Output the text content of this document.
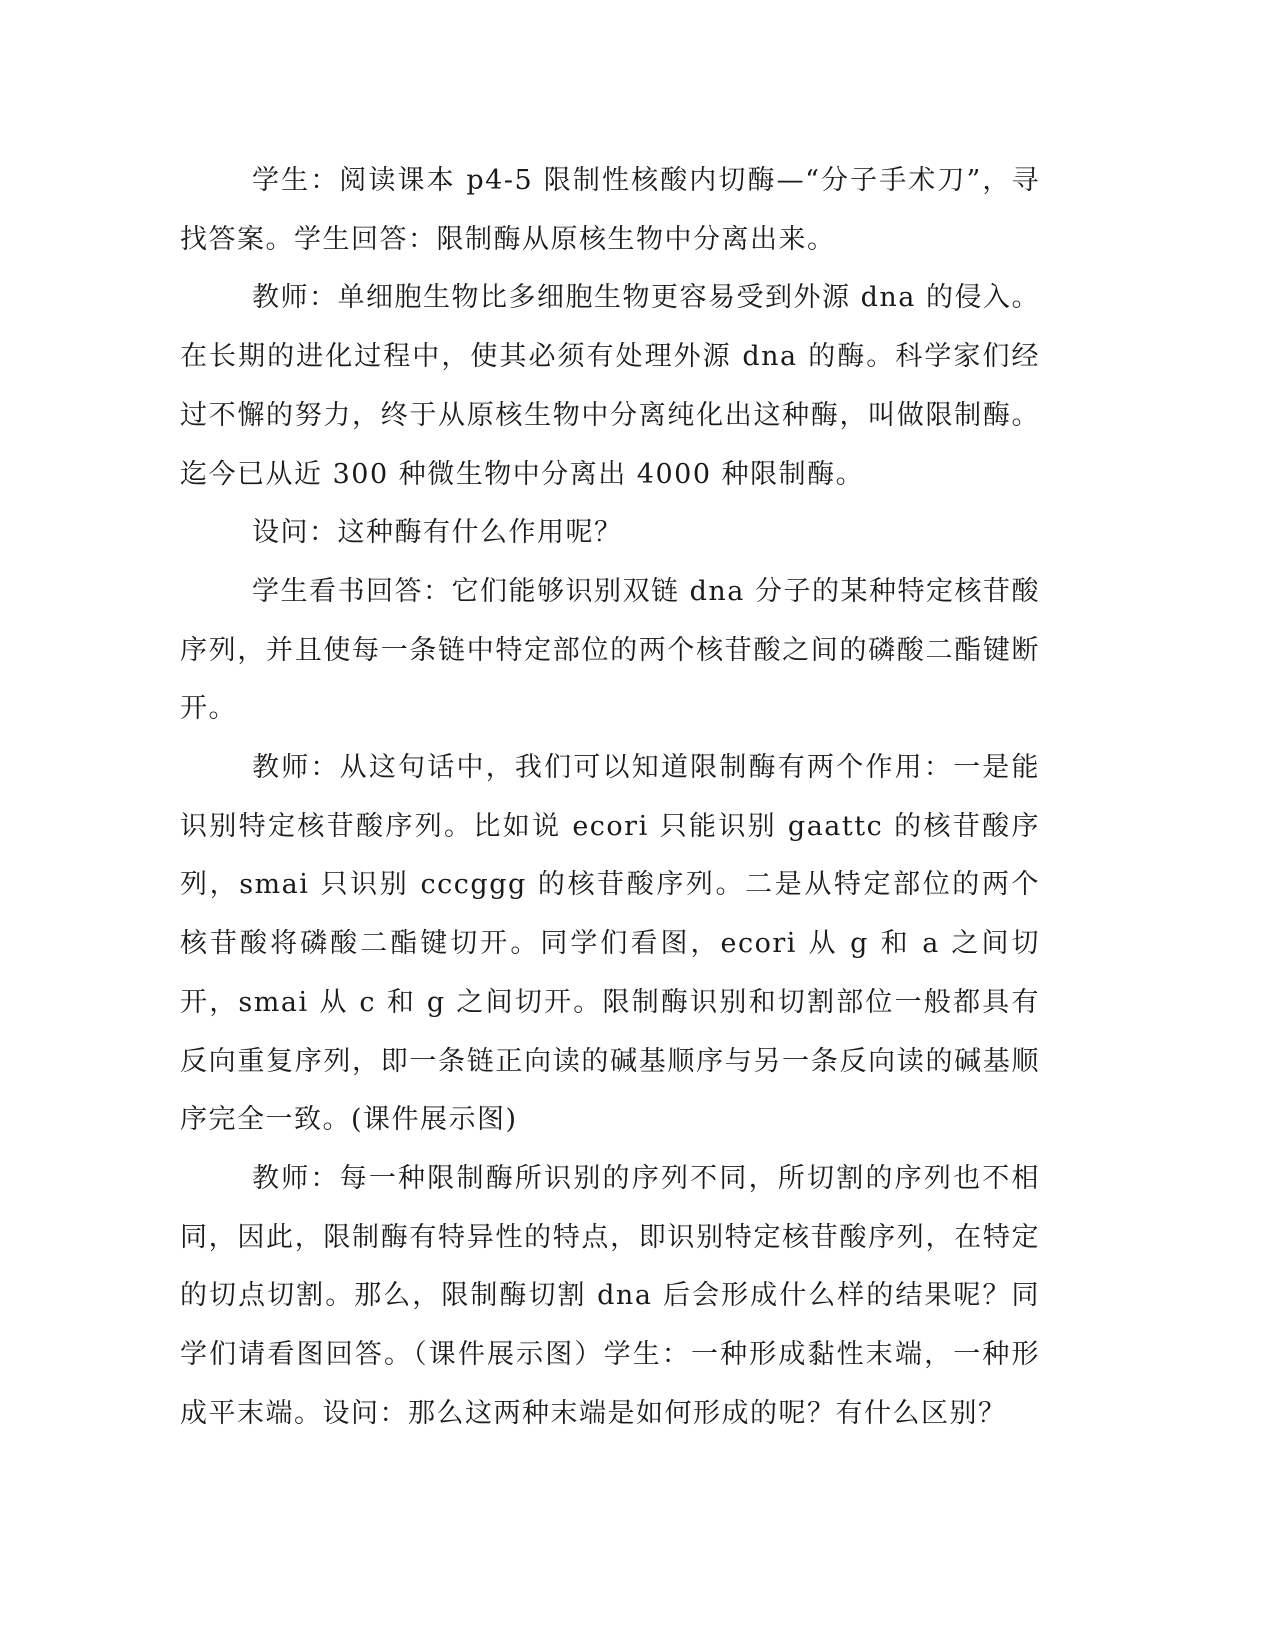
学生：阅读课本 p4-5 限制性核酸内切酶—“分子手术刀”，寻找答案。学生回答：限制酶从原核生物中分离出来。

教师：单细胞生物比多细胞生物更容易受到外源 dna 的侵入。在长期的进化过程中，使其必须有处理外源 dna 的酶。科学家们经过不懈的努力，终于从原核生物中分离纯化出这种酶，叫做限制酶。迄今已从近 300 种微生物中分离出 4000 种限制酶。

设问：这种酶有什么作用呢？

学生看书回答：它们能够识别双链 dna 分子的某种特定核苷酸序列，并且使每一条链中特定部位的两个核苷酸之间的磷酸二酯键断开。

教师：从这句话中，我们可以知道限制酶有两个作用：一是能识别特定核苷酸序列。比如说 ecori 只能识别 gaattc 的核苷酸序列，smai 只识别 cccggg 的核苷酸序列。二是从特定部位的两个核苷酸将磷酸二酯键切开。同学们看图，ecori 从 g 和 a 之间切开，smai 从 c 和 g 之间切开。限制酶识别和切割部位一般都具有反向重复序列，即一条链正向读的碱基顺序与另一条反向读的碱基顺序完全一致。(课件展示图)

教师：每一种限制酶所识别的序列不同，所切割的序列也不相同，因此，限制酶有特异性的特点，即识别特定核苷酸序列，在特定的切点切割。那么，限制酶切割 dna 后会形成什么样的结果呢？同学们请看图回答。（课件展示图）学生：一种形成黏性末端，一种形成平末端。设问：那么这两种末端是如何形成的呢？有什么区别？
